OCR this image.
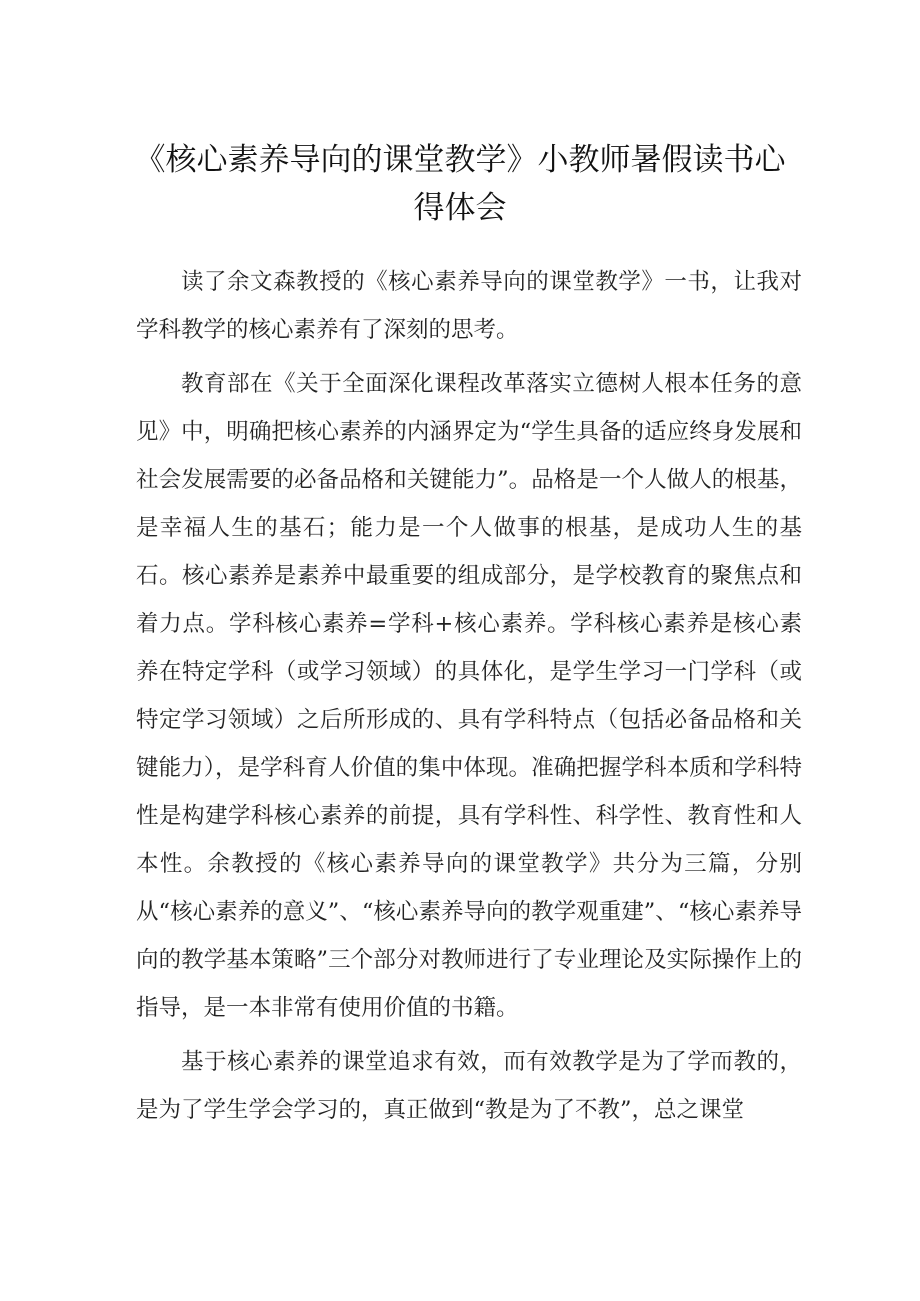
《核心素养导向的课堂教学》小教师暑假读书心得体会

读了余文森教授的《核心素养导向的课堂教学》一书，让我对学科教学的核心素养有了深刻的思考。

教育部在《关于全面深化课程改革落实立德树人根本任务的意见》中，明确把核心素养的内涵界定为“学生具备的适应终身发展和社会发展需要的必备品格和关键能力”。品格是一个人做人的根基，是幸福人生的基石；能力是一个人做事的根基，是成功人生的基石。核心素养是素养中最重要的组成部分，是学校教育的聚焦点和着力点。学科核心素养=学科+核心素养。学科核心素养是核心素养在特定学科（或学习领域）的具体化，是学生学习一门学科（或特定学习领域）之后所形成的、具有学科特点（包括必备品格和关键能力），是学科育人价值的集中体现。准确把握学科本质和学科特性是构建学科核心素养的前提，具有学科性、科学性、教育性和人本性。余教授的《核心素养导向的课堂教学》共分为三篇，分别从“核心素养的意义”、“核心素养导向的教学观重建”、“核心素养导向的教学基本策略”三个部分对教师进行了专业理论及实际操作上的指导，是一本非常有使用价值的书籍。

基于核心素养的课堂追求有效，而有效教学是为了学而教的，是为了学生学会学习的，真正做到“教是为了不教”，总之课堂
